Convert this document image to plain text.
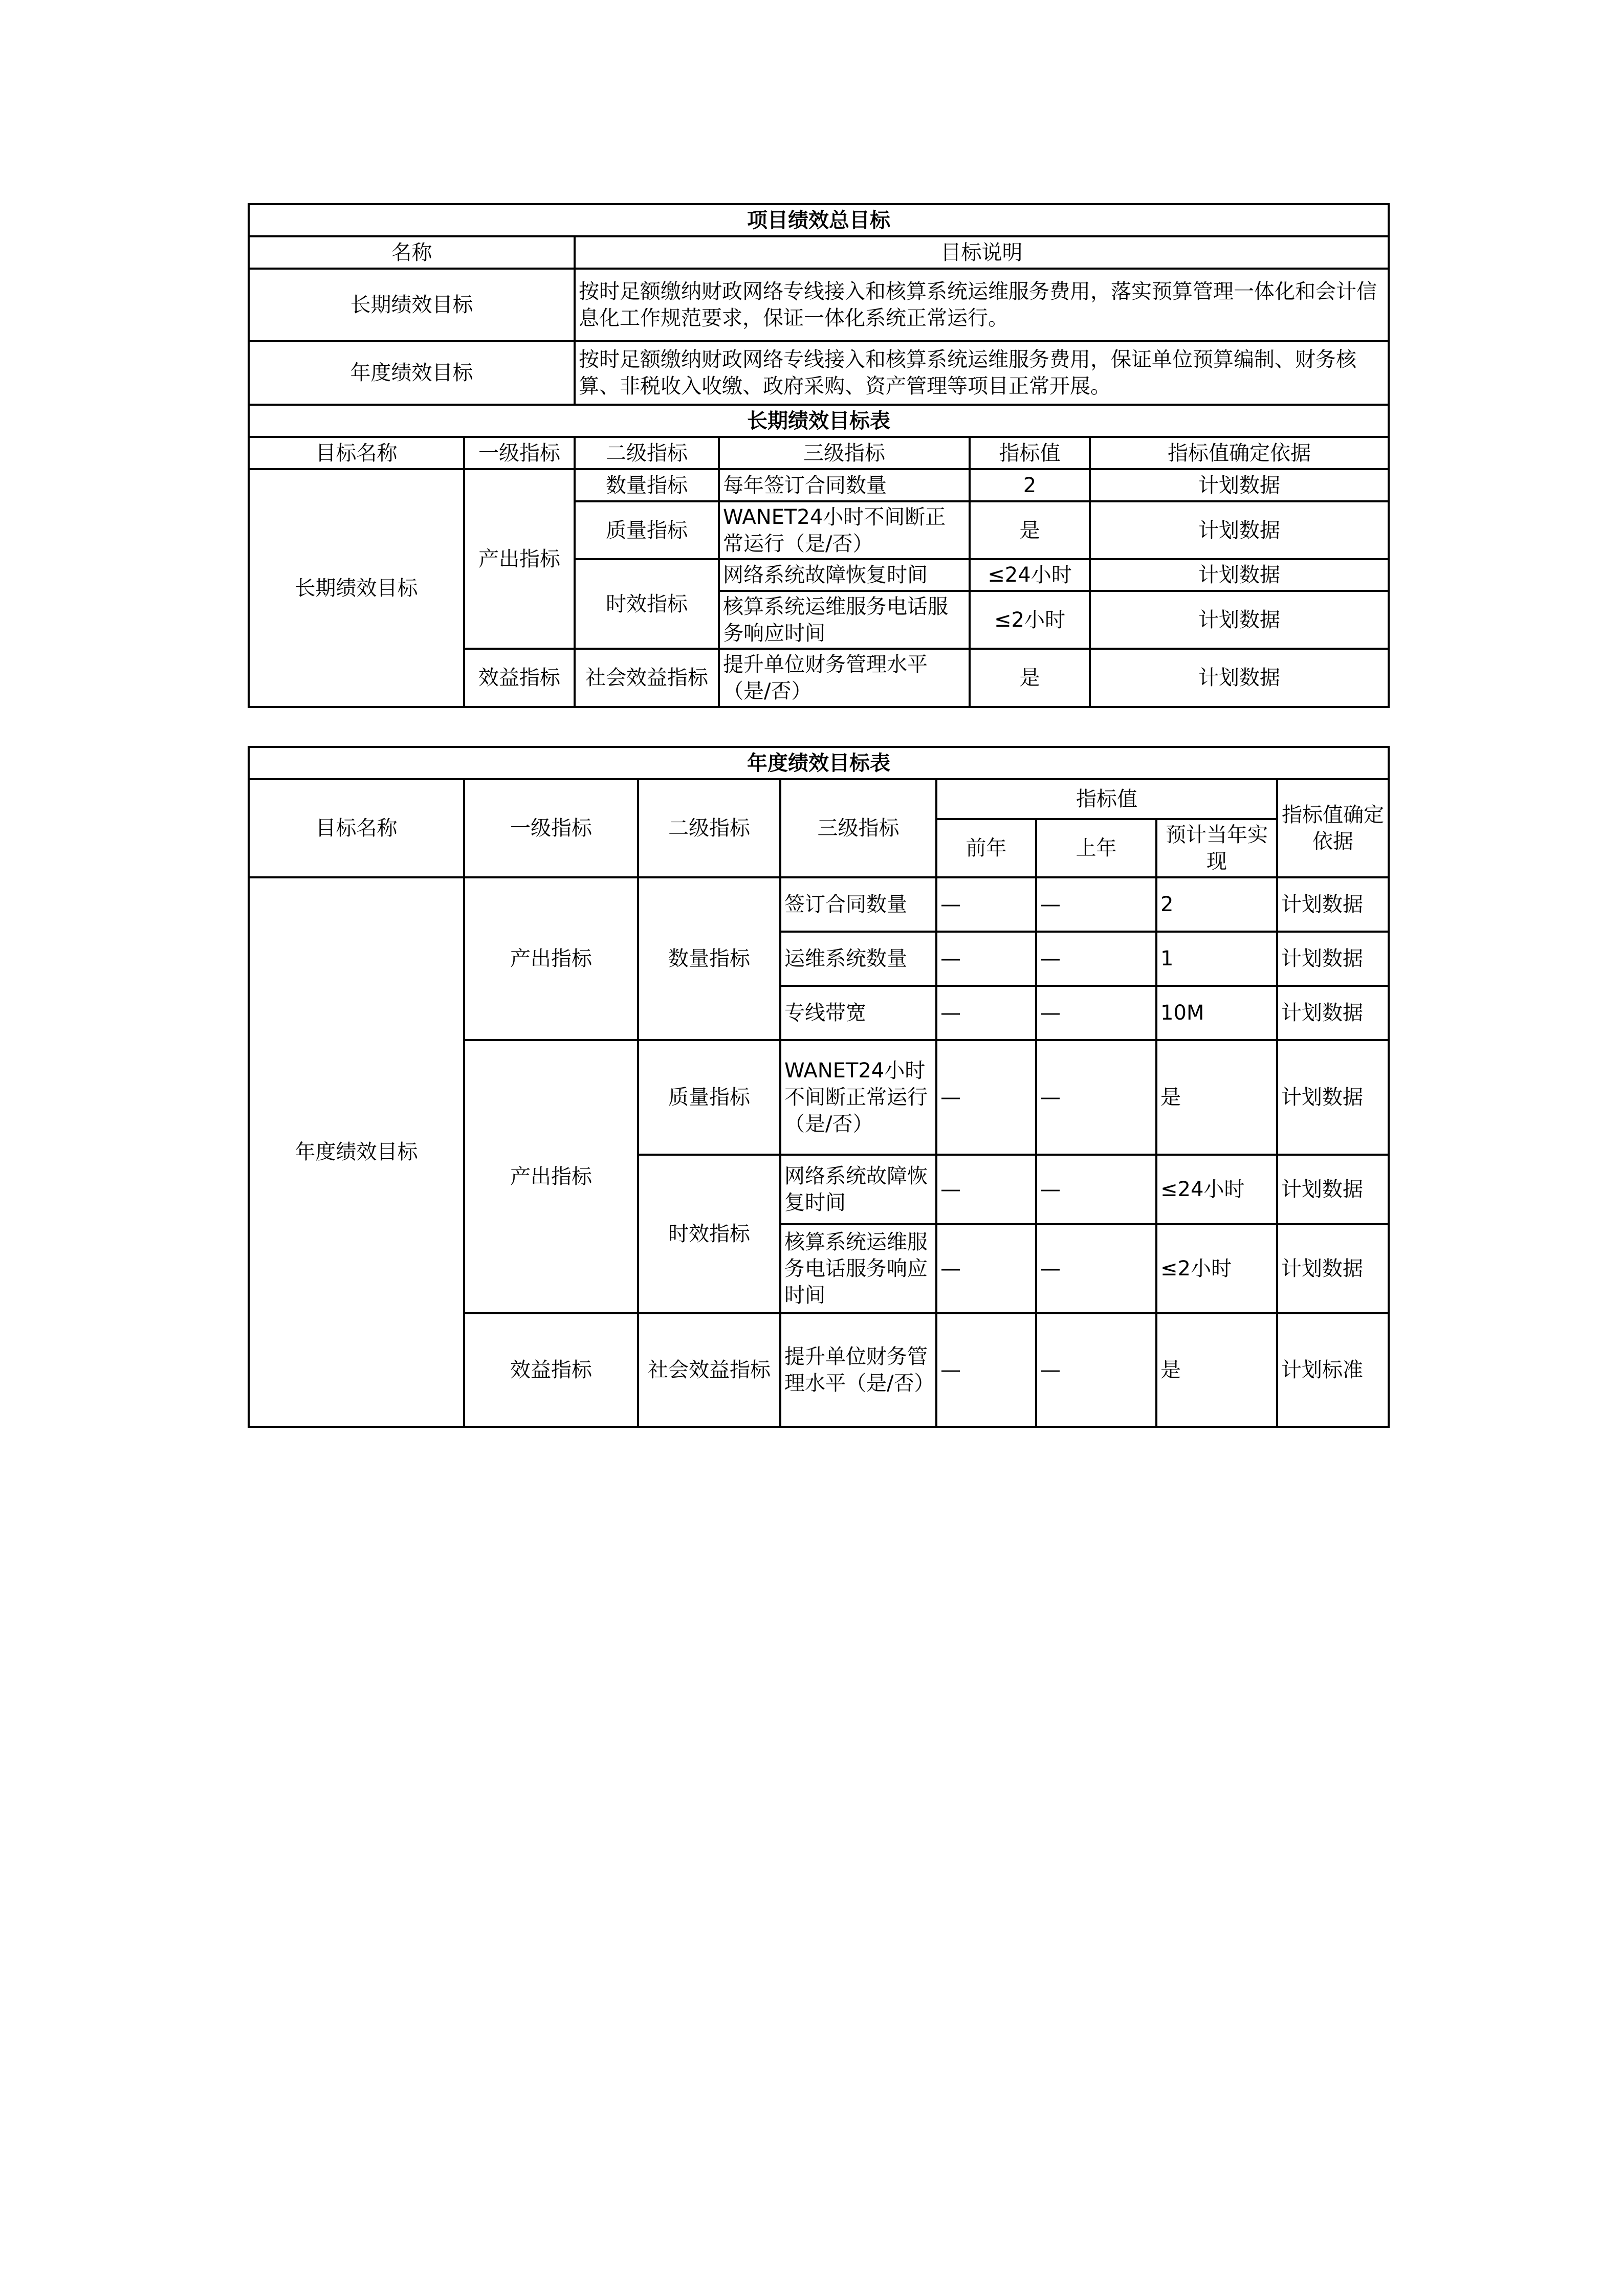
项目绩效总目标					
名称		目标说明			
长期绩效目标		按时足额缴纳财政网络专线接入和核算系统运维服务费用，落实预算管理一体化和会计信息化工作规范要求，保证一体化系统正常运行。			
年度绩效目标		按时足额缴纳财政网络专线接入和核算系统运维服务费用，保证单位预算编制、财务核算、非税收入收缴、政府采购、资产管理等项目正常开展。			
长期绩效目标表					
目标名称	一级指标	二级指标	三级指标	指标值	指标值确定依据
长期绩效目标	产出指标	数量指标	每年签订合同数量	2	计划数据
		质量指标	WANET24小时不间断正常运行（是/否）	是	计划数据
		时效指标	网络系统故障恢复时间	≤24小时	计划数据
			核算系统运维服务电话服务响应时间	≤2小时	计划数据
	效益指标	社会效益指标	提升单位财务管理水平（是/否）	是	计划数据
年度绩效目标表							
目标名称	一级指标	二级指标	三级指标	指标值			指标值确定依据
				前年	上年	预计当年实现	
年度绩效目标	产出指标	数量指标	签订合同数量	—	—	2	计划数据
			运维系统数量	—	—	1	计划数据
			专线带宽	—	—	10M	计划数据
	产出指标	质量指标	WANET24小时不间断正常运行（是/否）	—	—	是	计划数据
		时效指标	网络系统故障恢复时间	—	—	≤24小时	计划数据
			核算系统运维服务电话服务响应时间	—	—	≤2小时	计划数据
	效益指标	社会效益指标	提升单位财务管理水平（是/否）	—	—	是	计划标准
